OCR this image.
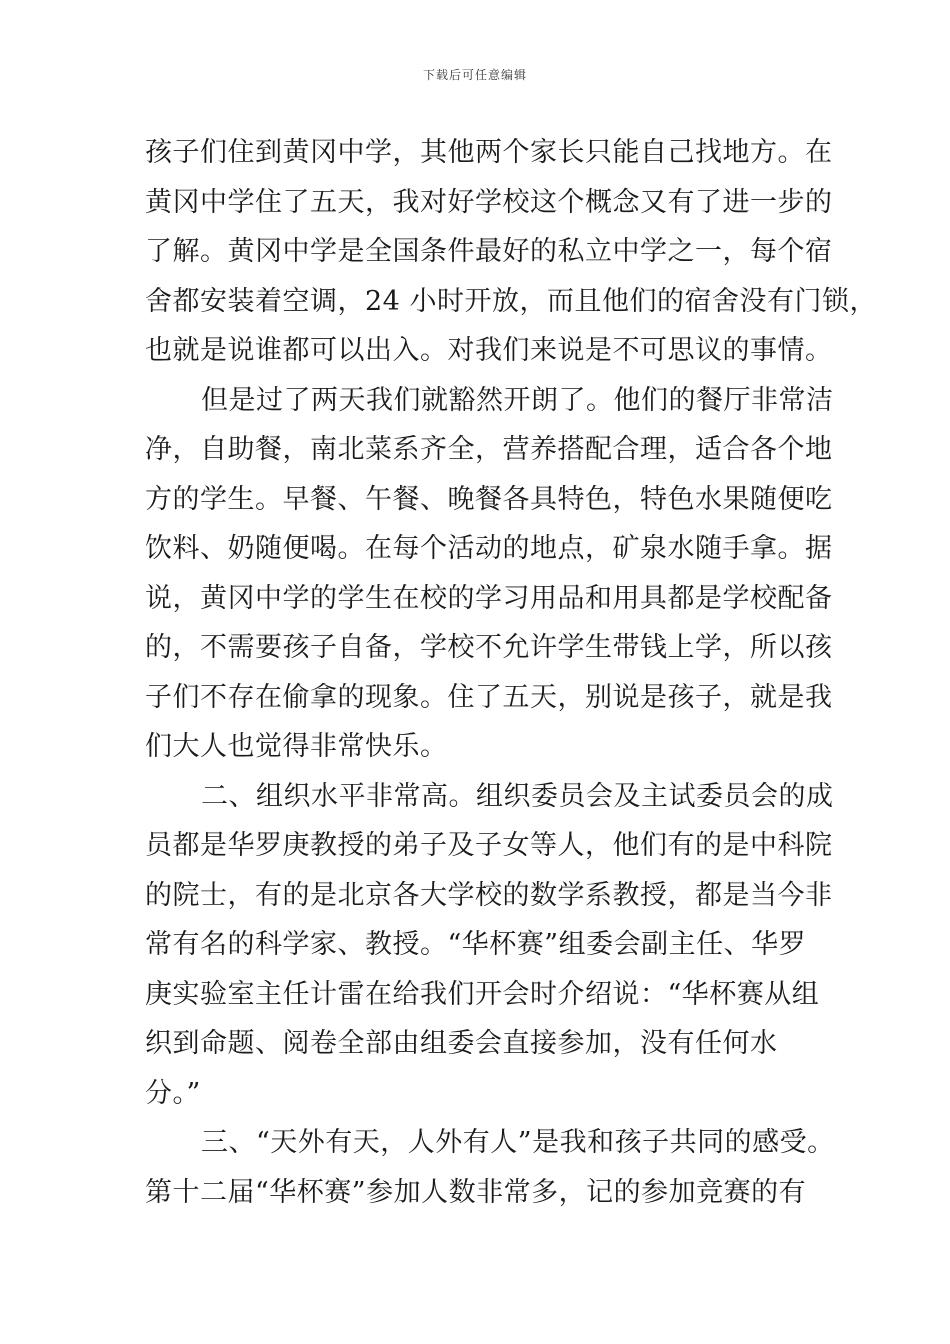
下载后可任意编辑
孩子们住到黄冈中学，其他两个家长只能自己找地方。在
黄冈中学住了五天，我对好学校这个概念又有了进一步的
了解。黄冈中学是全国条件最好的私立中学之一，每个宿
舍都安装着空调，24 小时开放，而且他们的宿舍没有门锁，
也就是说谁都可以出入。对我们来说是不可思议的事情。
但是过了两天我们就豁然开朗了。他们的餐厅非常洁
净，自助餐，南北菜系齐全，营养搭配合理，适合各个地
方的学生。早餐、午餐、晚餐各具特色，特色水果随便吃
饮料、奶随便喝。在每个活动的地点，矿泉水随手拿。据
说，黄冈中学的学生在校的学习用品和用具都是学校配备
的，不需要孩子自备，学校不允许学生带钱上学，所以孩
子们不存在偷拿的现象。住了五天，别说是孩子，就是我
们大人也觉得非常快乐。
二、组织水平非常高。组织委员会及主试委员会的成
员都是华罗庚教授的弟子及子女等人，他们有的是中科院
的院士，有的是北京各大学校的数学系教授，都是当今非
常有名的科学家、教授。“华杯赛”组委会副主任、华罗
庚实验室主任计雷在给我们开会时介绍说：“华杯赛从组
织到命题、阅卷全部由组委会直接参加，没有任何水
分。”
三、“天外有天，人外有人”是我和孩子共同的感受。
第十二届“华杯赛”参加人数非常多，记的参加竞赛的有
